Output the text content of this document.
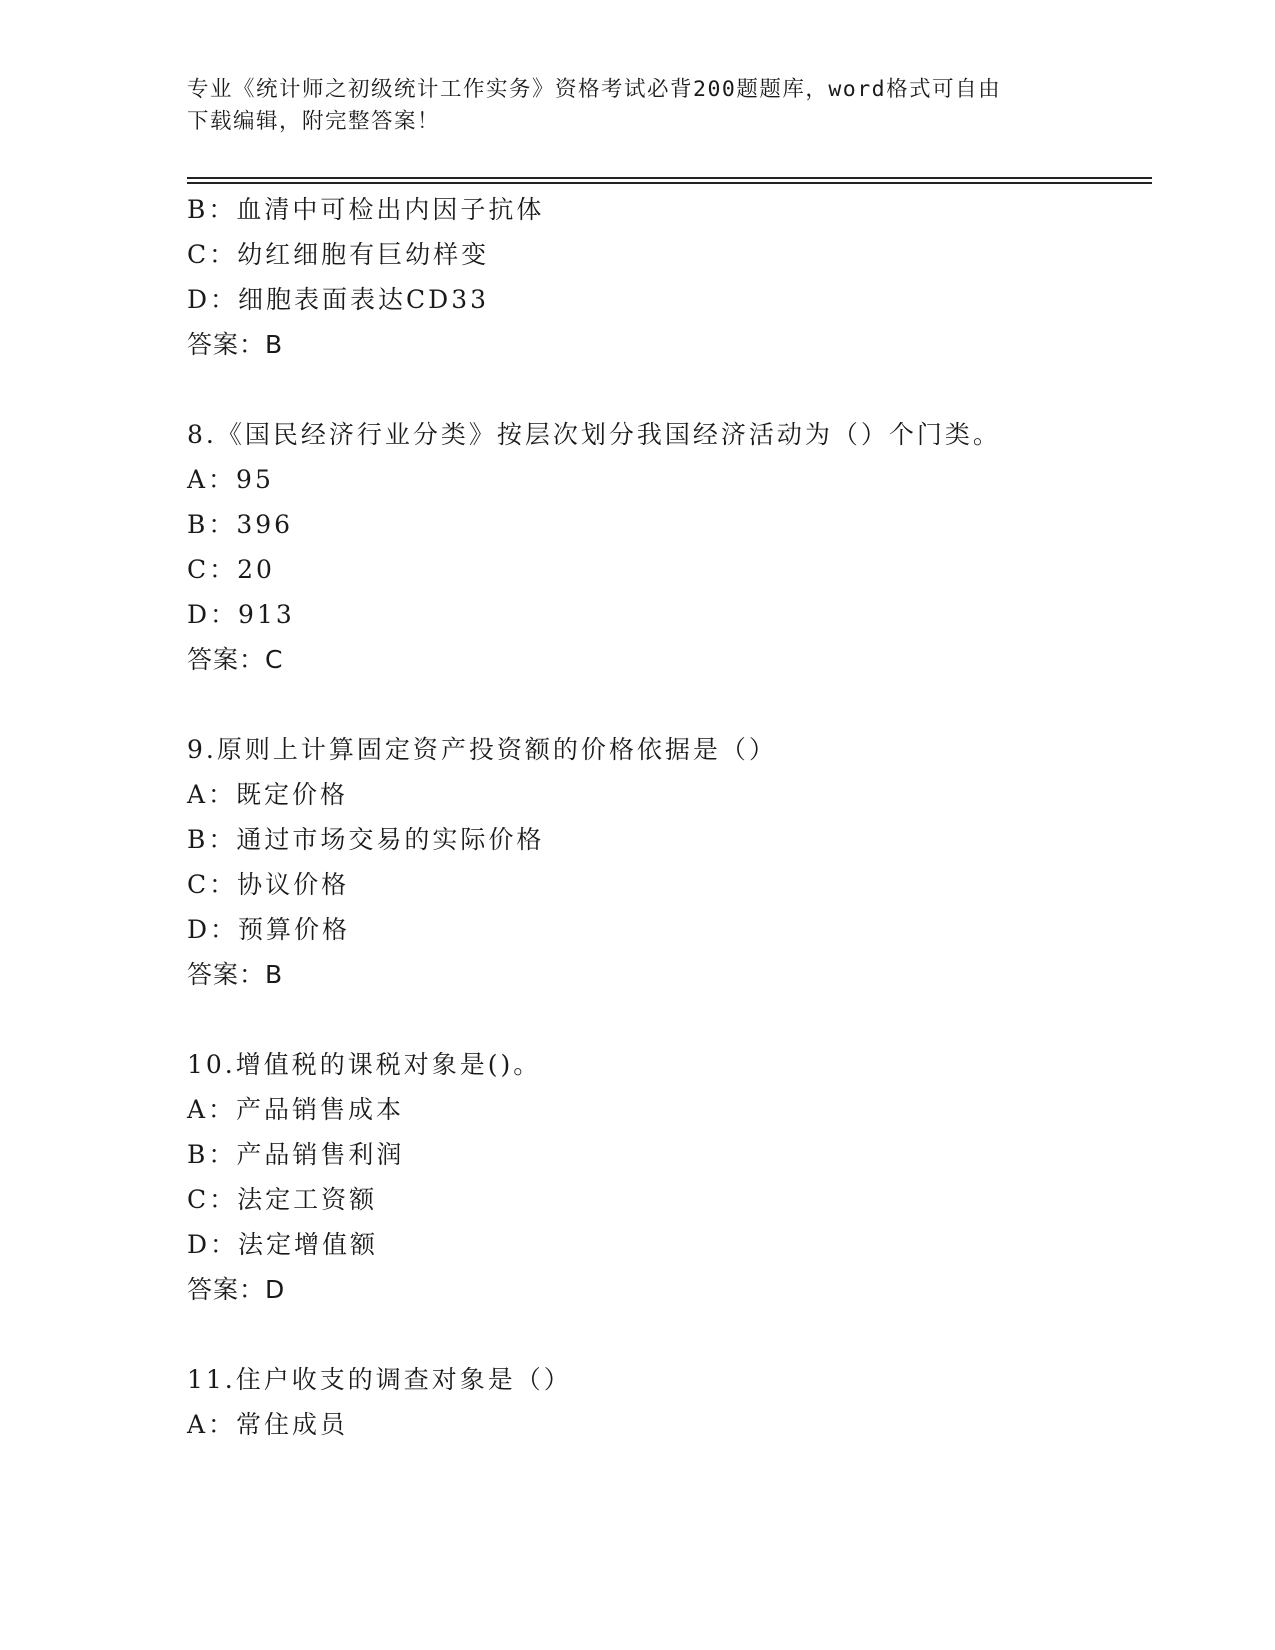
专业《统计师之初级统计工作实务》资格考试必背200题题库，word格式可自由
下载编辑，附完整答案！
B：血清中可检出内因子抗体
C：幼红细胞有巨幼样变
D：细胞表面表达CD33
答案：B
8.《国民经济行业分类》按层次划分我国经济活动为（）个门类。
A：95
B：396
C：20
D：913
答案：C
9.原则上计算固定资产投资额的价格依据是（）
A：既定价格
B：通过市场交易的实际价格
C：协议价格
D：预算价格
答案：B
10.增值税的课税对象是()。
A：产品销售成本
B：产品销售利润
C：法定工资额
D：法定增值额
答案：D
11.住户收支的调查对象是（）
A：常住成员
